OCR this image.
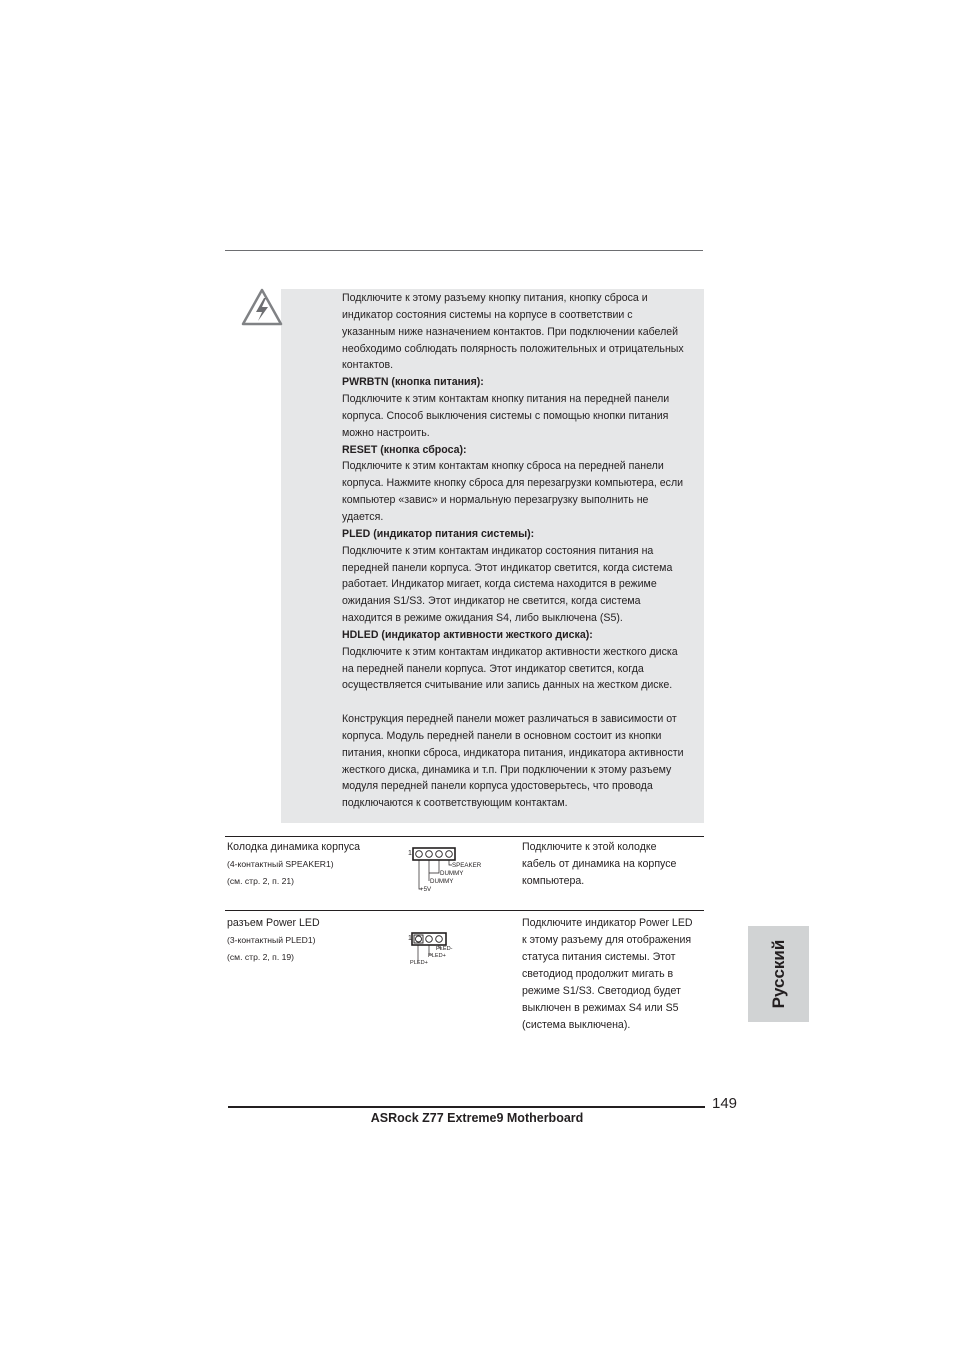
Подключите к этому разъему кнопку питания, кнопку сброса и

индикатор состояния системы на корпусе в соответствии с

указанным ниже назначением контактов. При подключении кабелей

необходимо соблюдать полярность положительных и отрицательных

контактов.

PWRBTN (кнопка питания):

Подключите к этим контактам кнопку питания на передней панели

корпуса. Способ выключения системы с помощью кнопки питания

можно настроить.

RESET (кнопка сброса):

Подключите к этим контактам кнопку сброса на передней панели

корпуса. Нажмите кнопку сброса для перезагрузки компьютера, если

компьютер «завис» и нормальную перезагрузку выполнить не

удается.

PLED (индикатор питания системы):

Подключите к этим контактам индикатор состояния питания на

передней панели корпуса. Этот индикатор светится, когда система

работает. Индикатор мигает, когда система находится в режиме

ожидания S1/S3. Этот индикатор не светится, когда система

находится в режиме ожидания S4, либо выключена (S5).

HDLED (индикатор активности жесткого диска):

Подключите к этим контактам индикатор активности жесткого диска

на передней панели корпуса. Этот индикатор светится, когда

осуществляется считывание или запись данных на жестком диске.

Конструкция передней панели может различаться в зависимости от

корпуса. Модуль передней панели в основном состоит из кнопки

питания, кнопки сброса, индикатора питания, индикатора активности

жесткого диска, динамика и т.п. При подключении к этому разъему

модуля передней панели корпуса удостоверьтесь, что провода

подключаются к соответствующим контактам.

Колодка динамика корпуса
(4-контактный SPEAKER1)
(см. стр. 2, п. 21)
1
SPEAKER
DUMMY
DUMMY
+5V

Подключите к этой колодке

кабель от динамика на корпусе

компьютера.

разъем Power LED
(3-контактный PLED1)
(см. стр. 2, п. 19)
1
PLED-
PLED+
PLED+

Подключите индикатор Power LED

к этому разъему для отображения

статуса питания системы. Этот

светодиод продолжит мигать в

режиме S1/S3. Светодиод будет

выключен в режимах S4 или S5

(система выключена).

Русский
149
ASRock Z77 Extreme9 Motherboard
